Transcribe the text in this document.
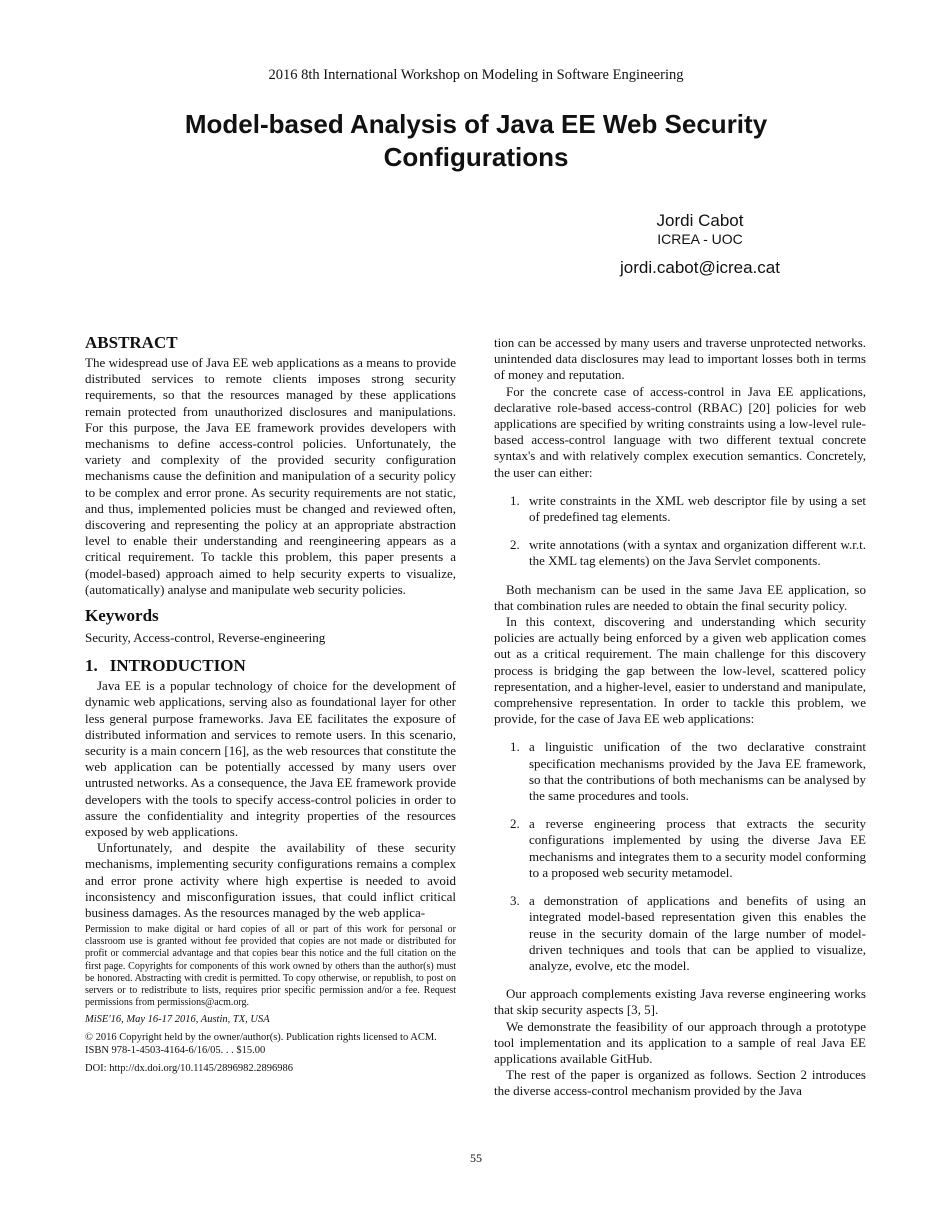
2016 8th International Workshop on Modeling in Software Engineering
Model-based Analysis of Java EE Web Security
Configurations
Jordi Cabot
ICREA - UOC
jordi.cabot@icrea.cat
ABSTRACT

The widespread use of Java EE web applications as a means to provide distributed services to remote clients imposes strong security requirements, so that the resources managed by these applications remain protected from unauthorized disclosures and manipulations. For this purpose, the Java EE framework provides developers with mechanisms to define access-control policies. Unfortunately, the variety and complexity of the provided security configuration mechanisms cause the definition and manipulation of a security policy to be complex and error prone. As security requirements are not static, and thus, implemented policies must be changed and reviewed often, discovering and representing the policy at an appropriate abstraction level to enable their understanding and reengineering appears as a critical requirement. To tackle this problem, this paper presents a (model-based) approach aimed to help security experts to visualize, (automatically) analyse and manipulate web security policies.

Keywords

Security, Access-control, Reverse-engineering

1. INTRODUCTION

Java EE is a popular technology of choice for the development of dynamic web applications, serving also as foundational layer for other less general purpose frameworks. Java EE facilitates the exposure of distributed information and services to remote users. In this scenario, security is a main concern [16], as the web resources that constitute the web application can be potentially accessed by many users over untrusted networks. As a consequence, the Java EE framework provide developers with the tools to specify access-control policies in order to assure the confidentiality and integrity properties of the resources exposed by web applications.

Unfortunately, and despite the availability of these security mechanisms, implementing security configurations remains a complex and error prone activity where high expertise is needed to avoid inconsistency and misconfiguration issues, that could inflict critical business damages. As the resources managed by the web applica-

Permission to make digital or hard copies of all or part of this work for personal or classroom use is granted without fee provided that copies are not made or distributed for profit or commercial advantage and that copies bear this notice and the full citation on the first page. Copyrights for components of this work owned by others than the author(s) must be honored. Abstracting with credit is permitted. To copy otherwise, or republish, to post on servers or to redistribute to lists, requires prior specific permission and/or a fee. Request permissions from permissions@acm.org.
MiSE'16, May 16-17 2016, Austin, TX, USA
© 2016 Copyright held by the owner/author(s). Publication rights licensed to ACM.
ISBN 978-1-4503-4164-6/16/05. . . $15.00
DOI: http://dx.doi.org/10.1145/2896982.2896986

tion can be accessed by many users and traverse unprotected networks. unintended data disclosures may lead to important losses both in terms of money and reputation.

For the concrete case of access-control in Java EE applications, declarative role-based access-control (RBAC) [20] policies for web applications are specified by writing constraints using a low-level rule-based access-control language with two different textual concrete syntax's and with relatively complex execution semantics. Concretely, the user can either:

1. write constraints in the XML web descriptor file by using a set of predefined tag elements.
2. write annotations (with a syntax and organization different w.r.t. the XML tag elements) on the Java Servlet components.

Both mechanism can be used in the same Java EE application, so that combination rules are needed to obtain the final security policy.

In this context, discovering and understanding which security policies are actually being enforced by a given web application comes out as a critical requirement. The main challenge for this discovery process is bridging the gap between the low-level, scattered policy representation, and a higher-level, easier to understand and manipulate, comprehensive representation. In order to tackle this problem, we provide, for the case of Java EE web applications:

1. a linguistic unification of the two declarative constraint specification mechanisms provided by the Java EE framework, so that the contributions of both mechanisms can be analysed by the same procedures and tools.
2. a reverse engineering process that extracts the security configurations implemented by using the diverse Java EE mechanisms and integrates them to a security model conforming to a proposed web security metamodel.
3. a demonstration of applications and benefits of using an integrated model-based representation given this enables the reuse in the security domain of the large number of model-driven techniques and tools that can be applied to visualize, analyze, evolve, etc the model.

Our approach complements existing Java reverse engineering works that skip security aspects [3, 5].

We demonstrate the feasibility of our approach through a prototype tool implementation and its application to a sample of real Java EE applications available GitHub.

The rest of the paper is organized as follows. Section 2 introduces the diverse access-control mechanism provided by the Java

55
